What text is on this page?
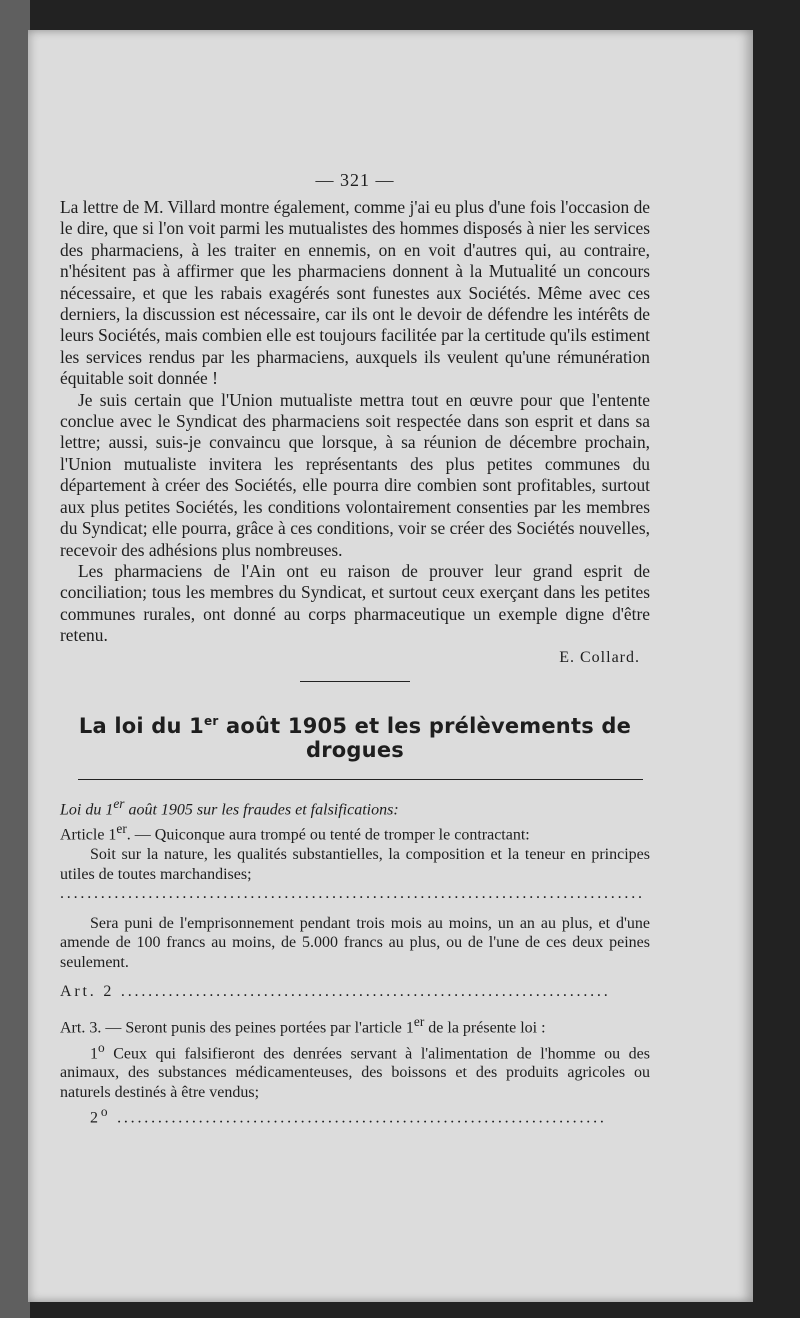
— 321 —

La lettre de M. Villard montre également, comme j'ai eu plus d'une fois l'occasion de le dire, que si l'on voit parmi les mutualistes des hommes disposés à nier les services des pharmaciens, à les traiter en ennemis, on en voit d'autres qui, au contraire, n'hésitent pas à affirmer que les pharmaciens donnent à la Mutualité un concours nécessaire, et que les rabais exagérés sont funestes aux Sociétés. Même avec ces derniers, la discussion est nécessaire, car ils ont le devoir de défendre les intérêts de leurs Sociétés, mais combien elle est toujours facilitée par la certitude qu'ils estiment les services rendus par les pharmaciens, auxquels ils veulent qu'une rémunération équitable soit donnée !

Je suis certain que l'Union mutualiste mettra tout en œuvre pour que l'entente conclue avec le Syndicat des pharmaciens soit respectée dans son esprit et dans sa lettre; aussi, suis-je convaincu que lorsque, à sa réunion de décembre prochain, l'Union mutualiste invitera les représentants des plus petites communes du département à créer des Sociétés, elle pourra dire combien sont profitables, surtout aux plus petites Sociétés, les conditions volontairement consenties par les membres du Syndicat; elle pourra, grâce à ces conditions, voir se créer des Sociétés nouvelles, recevoir des adhésions plus nombreuses.

Les pharmaciens de l'Ain ont eu raison de prouver leur grand esprit de conciliation; tous les membres du Syndicat, et surtout ceux exerçant dans les petites communes rurales, ont donné au corps pharmaceutique un exemple digne d'être retenu.

E. Collard.
La loi du 1er août 1905 et les prélèvements de drogues

Loi du 1er août 1905 sur les fraudes et falsifications:

Article 1er. — Quiconque aura trompé ou tenté de tromper le contractant:

Soit sur la nature, les qualités substantielles, la composition et la teneur en principes utiles de toutes marchandises;

......................................................................................

Sera puni de l'emprisonnement pendant trois mois au moins, un an au plus, et d'une amende de 100 francs au moins, de 5.000 francs au plus, ou de l'une de ces deux peines seulement.

Art. 2 ........................................................................

Art. 3. — Seront punis des peines portées par l'article 1er de la présente loi :

1$^o$ Ceux qui falsifieront des denrées servant à l'alimentation de l'homme ou des animaux, des substances médicamenteuses, des boissons et des produits agricoles ou naturels destinés à être vendus;

2$^o$ ........................................................................
